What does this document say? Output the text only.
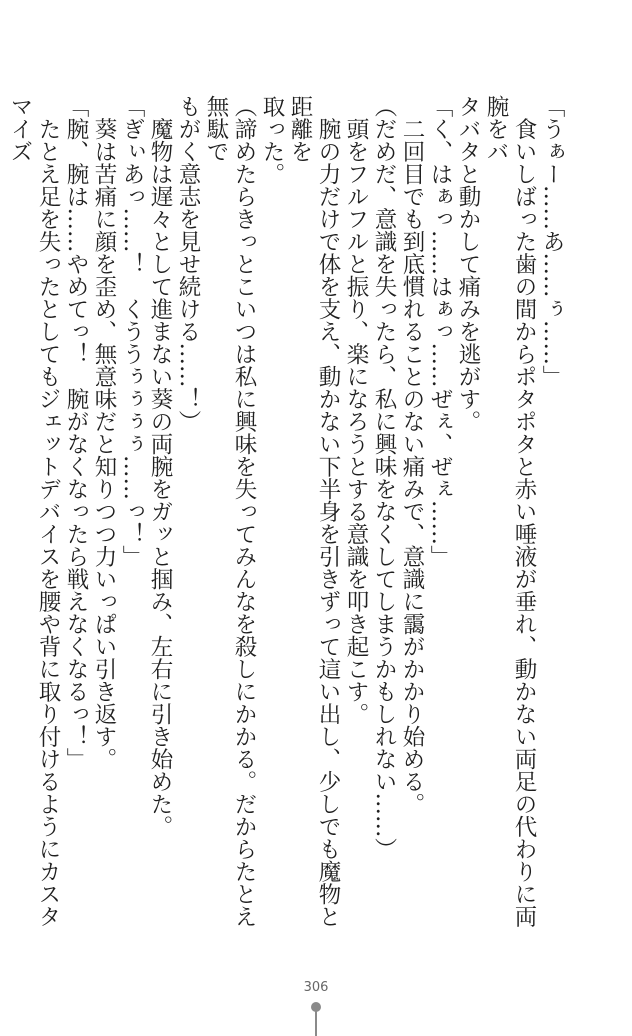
「うぁー……あ……ぅ……」

　食いしばった歯の間からポタポタと赤い唾液が垂れ、動かない両足の代わりに両腕をバ

タバタと動かして痛みを逃がす。

「く、はぁっ……はぁっ……ぜぇ、ぜぇ……」

　二回目でも到底慣れることのない痛みで、意識に靄がかかり始める。

（だめだ、意識を失ったら、私に興味をなくしてしまうかもしれない……）

　頭をフルフルと振り、楽になろうとする意識を叩き起こす。

　腕の力だけで体を支え、動かない下半身を引きずって這い出し、少しでも魔物と距離を

取った。

（諦めたらきっとこいつは私に興味を失ってみんなを殺しにかかる。だからたとえ無駄で

もがく意志を見せ続ける……！）

　魔物は遅々として進まない葵の両腕をガッと掴み、左右に引き始めた。

「ぎぃあっ……！　くううぅぅぅぅ……っ！」

　葵は苦痛に顔を歪め、無意味だと知りつつ力いっぱい引き返す。

「腕、腕は……やめてっ！　腕がなくなったら戦えなくなるっ！」

　たとえ足を失ったとしてもジェットデバイスを腰や背に取り付けるようにカスタマイズ

306
